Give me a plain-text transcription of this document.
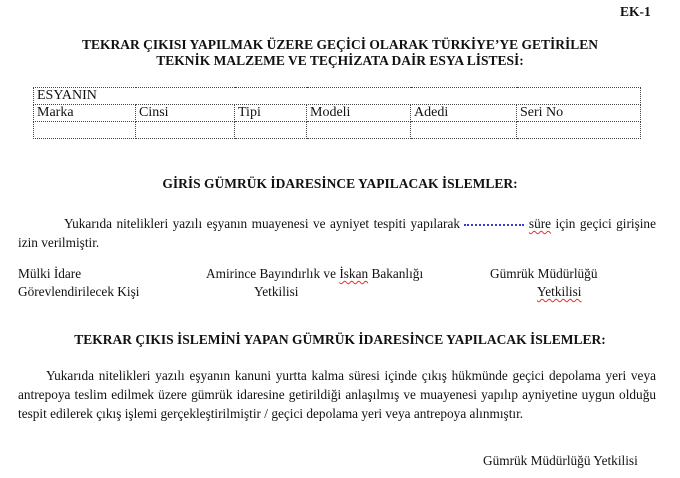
EK-1
TEKRAR ÇIKISI YAPILMAK ÜZERE GEÇİCİ OLARAK TÜRKİYE’YE GETİRİLEN
TEKNİK MALZEME VE TEÇHİZATA DAİR ESYA LİSTESİ:
ESYANIN					
Marka	Cinsi	Tipi	Modeli	Adedi	Seri No

GİRİS GÜMRÜK İDARESİNCE YAPILACAK İSLEMLER:
Yukarıda nitelikleri yazılı eşyanın muayenesi ve ayniyet tespiti yapılarak	süre için geçici girişine izin verilmiştir.
Mülki İdare
Görevlendirilecek Kişi
Amirince Bayındırlık ve İskan Bakanlığı
Yetkilisi
Gümrük Müdürlüğü
Yetkilisi
TEKRAR ÇIKIS İSLEMİNİ YAPAN GÜMRÜK İDARESİNCE YAPILACAK İSLEMLER:
Yukarıda nitelikleri yazılı eşyanın kanuni yurtta kalma süresi içinde çıkış hükmünde geçici depolama yeri veya antrepoya teslim edilmek üzere gümrük idaresine getirildiği anlaşılmış ve muayenesi yapılıp ayniyetine uygun olduğu tespit edilerek çıkış işlemi gerçekleştirilmiştir / geçici depolama yeri veya antrepoya alınmıştır.
Gümrük Müdürlüğü Yetkilisi
